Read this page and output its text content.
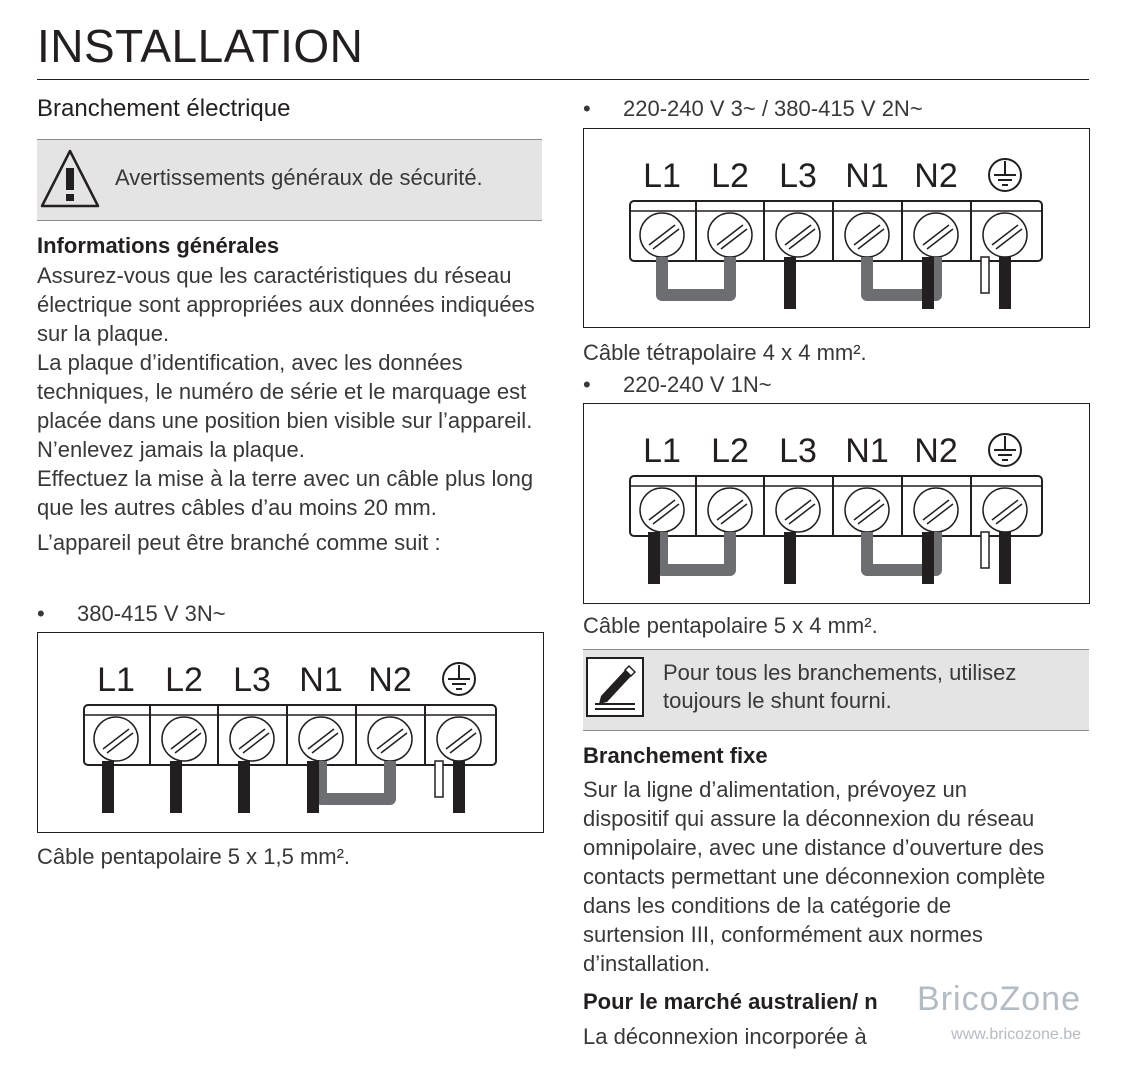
INSTALLATION
Branchement électrique
Avertissements généraux de sécurité.
Informations générales

Assurez-vous que les caractéristiques du réseau électrique sont appropriées aux données indiquées sur la plaque.

La plaque d’identification, avec les données techniques, le numéro de série et le marquage est placée dans une position bien visible sur l’appareil.

N’enlevez jamais la plaque.

Effectuez la mise à la terre avec un câble plus long que les autres câbles d’au moins 20 mm.

L’appareil peut être branché comme suit :

• 380-415 V 3N~
L1 L2 L3 N1 N2
Câble pentapolaire 5 x 1,5 mm².
• 220-240 V 3~ / 380-415 V 2N~
L1 L2 L3 N1 N2
Câble tétrapolaire 4 x 4 mm².
• 220-240 V 1N~
L1 L2 L3 N1 N2
Câble pentapolaire 5 x 4 mm².
Pour tous les branchements, utilisez
toujours le shunt fourni.
Branchement fixe
Sur la ligne d’alimentation, prévoyez un
dispositif qui assure la déconnexion du réseau
omnipolaire, avec une distance d’ouverture des
contacts permettant une déconnexion complète
dans les conditions de la catégorie de
surtension III, conformément aux normes
d’installation.
Pour le marché australien/ n
La déconnexion incorporée à
BricoZone
www.bricozone.be
